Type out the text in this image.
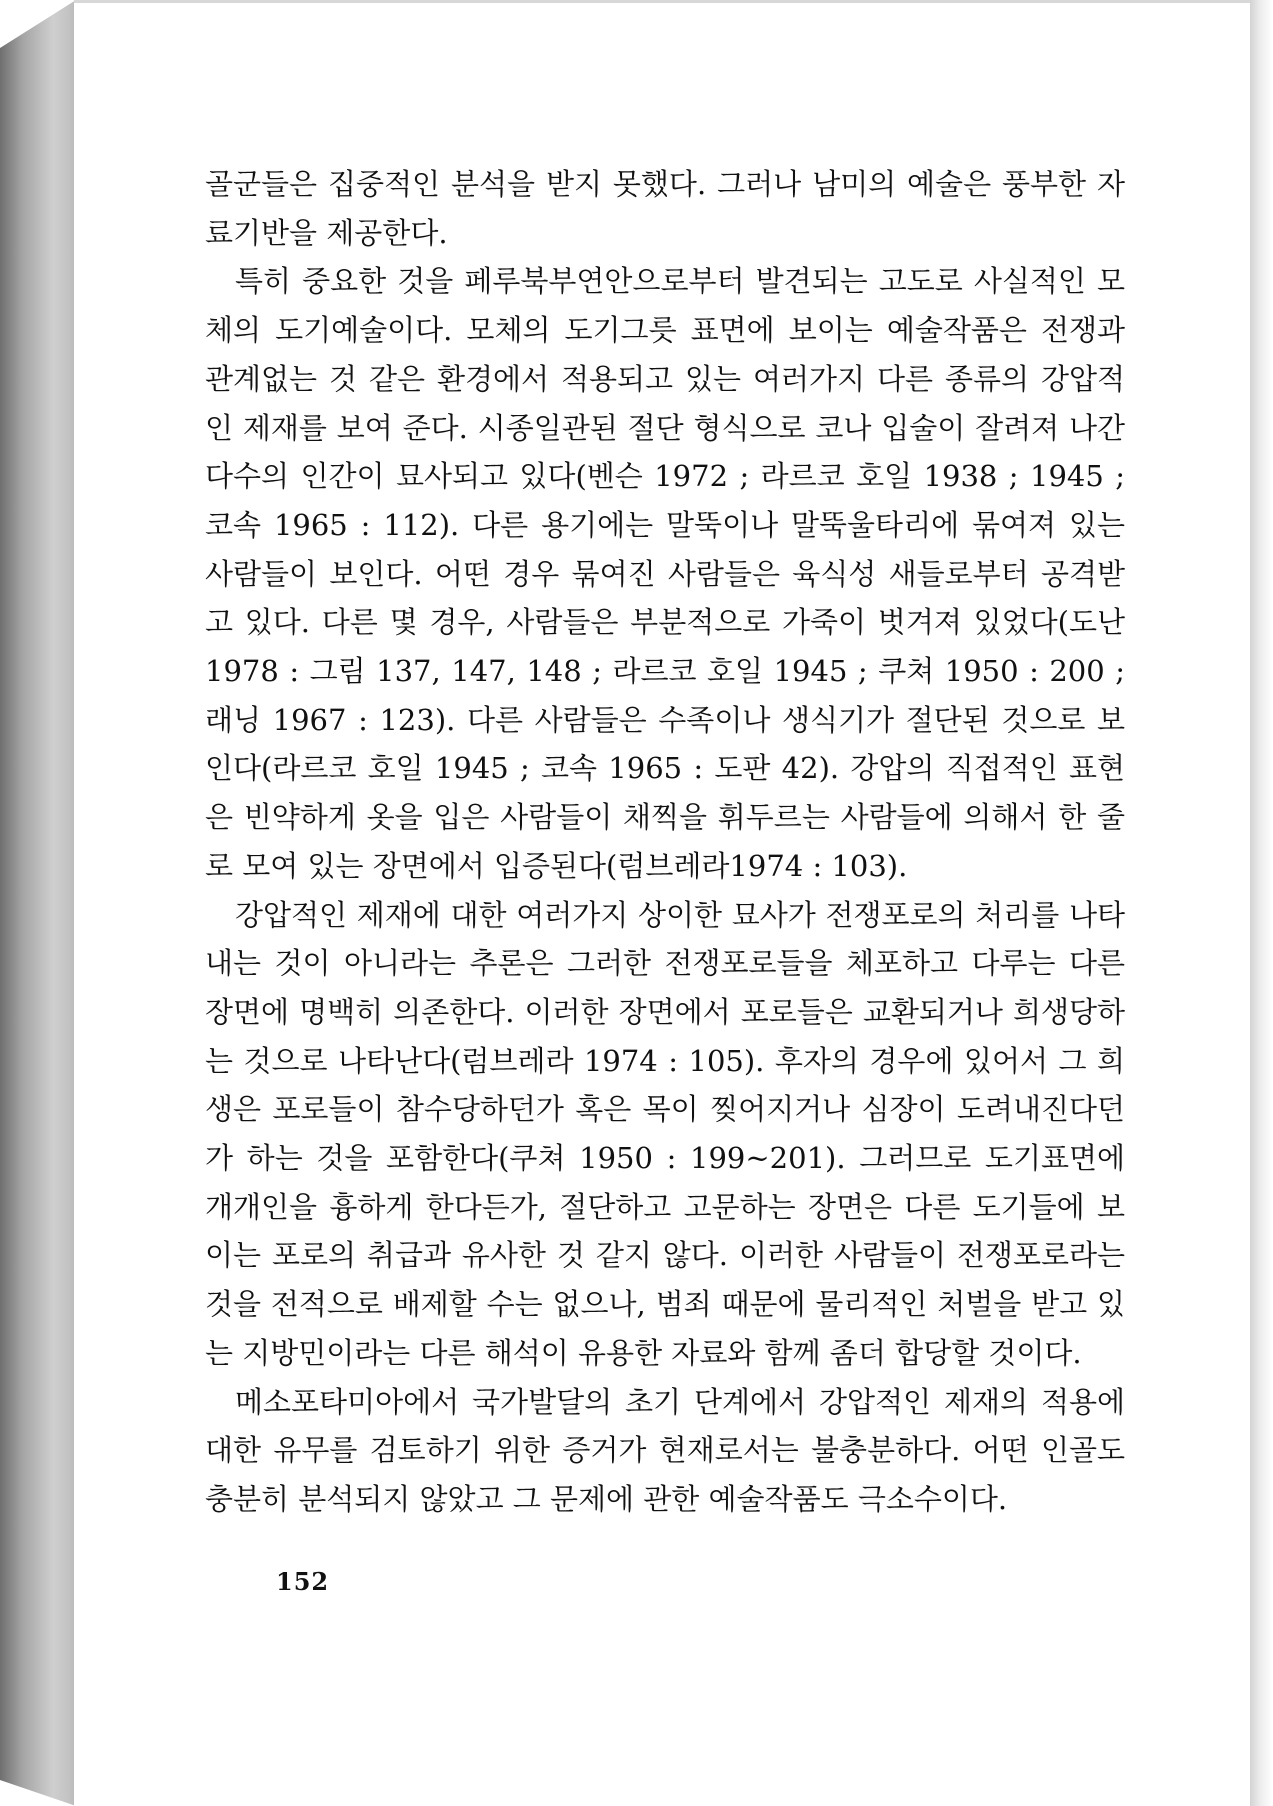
골군들은 집중적인 분석을 받지 못했다. 그러나 남미의 예술은 풍부한 자료기반을 제공한다.

특히 중요한 것을 페루북부연안으로부터 발견되는 고도로 사실적인 모체의 도기예술이다. 모체의 도기그릇 표면에 보이는 예술작품은 전쟁과 관계없는 것 같은 환경에서 적용되고 있는 여러가지 다른 종류의 강압적인 제재를 보여 준다. 시종일관된 절단 형식으로 코나 입술이 잘려져 나간 다수의 인간이 묘사되고 있다(벤슨 1972 ; 라르코 호일 1938 ; 1945 ; 코속 1965 : 112). 다른 용기에는 말뚝이나 말뚝울타리에 묶여져 있는 사람들이 보인다. 어떤 경우 묶여진 사람들은 육식성 새들로부터 공격받고 있다. 다른 몇 경우, 사람들은 부분적으로 가죽이 벗겨져 있었다(도난 1978 : 그림 137, 147, 148 ; 라르코 호일 1945 ; 쿠쳐 1950 : 200 ; 래닝 1967 : 123). 다른 사람들은 수족이나 생식기가 절단된 것으로 보인다(라르코 호일 1945 ; 코속 1965 : 도판 42). 강압의 직접적인 표현은 빈약하게 옷을 입은 사람들이 채찍을 휘두르는 사람들에 의해서 한 줄로 모여 있는 장면에서 입증된다(럼브레라1974 : 103).

강압적인 제재에 대한 여러가지 상이한 묘사가 전쟁포로의 처리를 나타내는 것이 아니라는 추론은 그러한 전쟁포로들을 체포하고 다루는 다른 장면에 명백히 의존한다. 이러한 장면에서 포로들은 교환되거나 희생당하는 것으로 나타난다(럼브레라 1974 : 105). 후자의 경우에 있어서 그 희생은 포로들이 참수당하던가 혹은 목이 찢어지거나 심장이 도려내진다던가 하는 것을 포함한다(쿠쳐 1950 : 199~201). 그러므로 도기표면에 개개인을 흉하게 한다든가, 절단하고 고문하는 장면은 다른 도기들에 보이는 포로의 취급과 유사한 것 같지 않다. 이러한 사람들이 전쟁포로라는 것을 전적으로 배제할 수는 없으나, 범죄 때문에 물리적인 처벌을 받고 있는 지방민이라는 다른 해석이 유용한 자료와 함께 좀더 합당할 것이다.

메소포타미아에서 국가발달의 초기 단계에서 강압적인 제재의 적용에 대한 유무를 검토하기 위한 증거가 현재로서는 불충분하다. 어떤 인골도 충분히 분석되지 않았고 그 문제에 관한 예술작품도 극소수이다.

152
